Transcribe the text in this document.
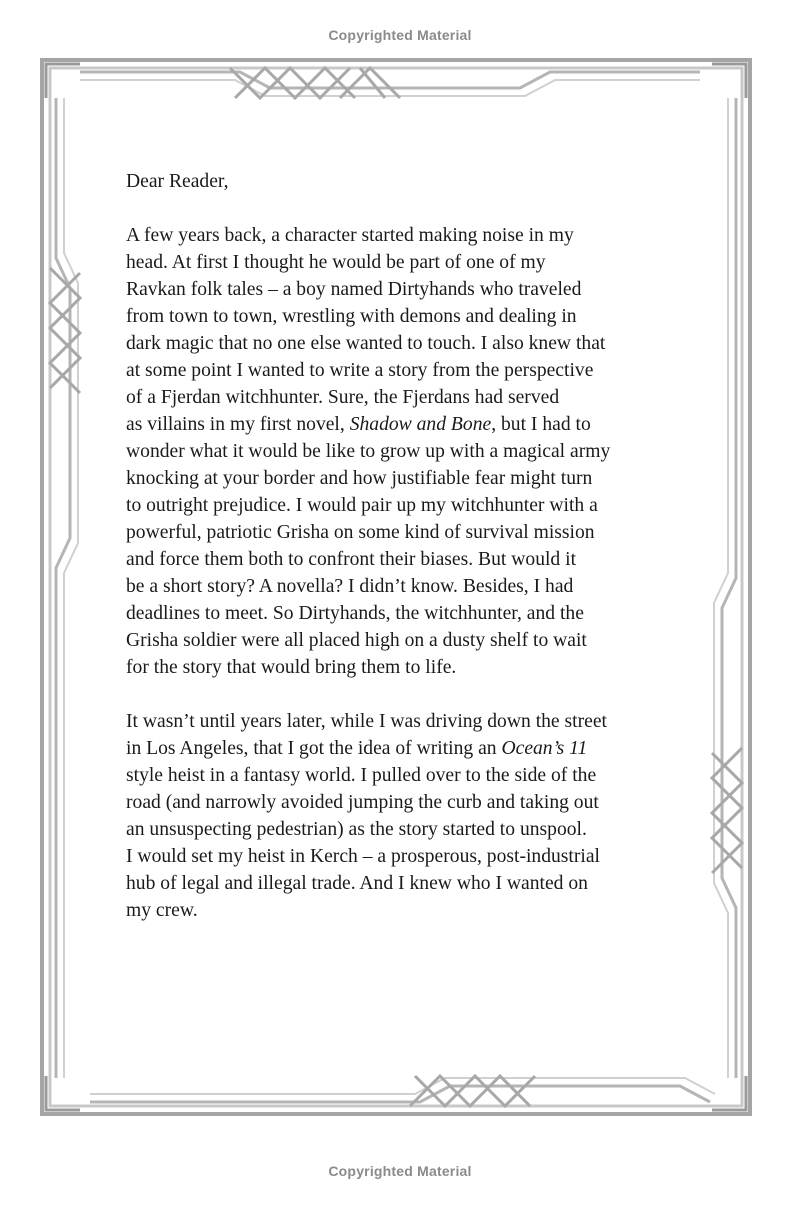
Copyrighted Material

Dear Reader,

A few years back, a character started making noise in my
head. At first I thought he would be part of one of my
Ravkan folk tales – a boy named Dirtyhands who traveled
from town to town, wrestling with demons and dealing in
dark magic that no one else wanted to touch. I also knew that
at some point I wanted to write a story from the perspective
of a Fjerdan witchhunter. Sure, the Fjerdans had served
as villains in my first novel, Shadow and Bone, but I had to
wonder what it would be like to grow up with a magical army
knocking at your border and how justifiable fear might turn
to outright prejudice. I would pair up my witchhunter with a
powerful, patriotic Grisha on some kind of survival mission
and force them both to confront their biases. But would it
be a short story? A novella? I didn’t know. Besides, I had
deadlines to meet. So Dirtyhands, the witchhunter, and the
Grisha soldier were all placed high on a dusty shelf to wait
for the story that would bring them to life.
It wasn’t until years later, while I was driving down the street
in Los Angeles, that I got the idea of writing an Ocean’s 11
style heist in a fantasy world. I pulled over to the side of the
road (and narrowly avoided jumping the curb and taking out
an unsuspecting pedestrian) as the story started to unspool.
I would set my heist in Kerch – a prosperous, post-industrial
hub of legal and illegal trade. And I knew who I wanted on
my crew.
Copyrighted Material
